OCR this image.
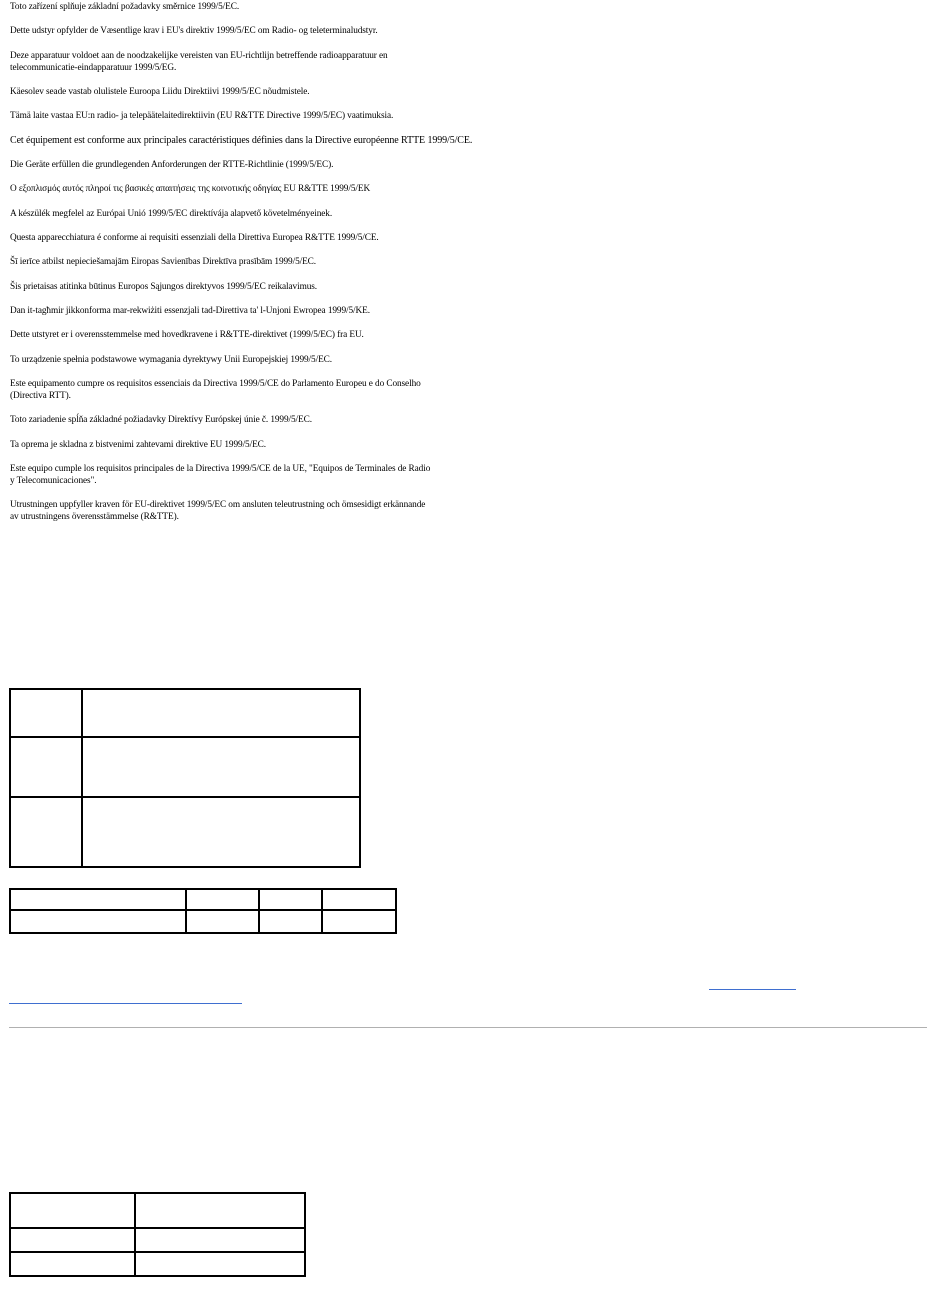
Toto zařízení splňuje základní požadavky směrnice 1999/5/EC.

Dette udstyr opfylder de Væsentlige krav i EU's direktiv 1999/5/EC om Radio- og teleterminaludstyr.

Deze apparatuur voldoet aan de noodzakelijke vereisten van EU-richtlijn betreffende radioapparatuur en
telecommunicatie-eindapparatuur 1999/5/EG.

Käesolev seade vastab olulistele Euroopa Liidu Direktiivi 1999/5/EC nõudmistele.

Tämä laite vastaa EU:n radio- ja telepäätelaitedirektiivin (EU R&TTE Directive 1999/5/EC) vaatimuksia.

Cet équipement est conforme aux principales caractéristiques définies dans la Directive européenne RTTE 1999/5/CE.

Die Geräte erfüllen die grundlegenden Anforderungen der RTTE-Richtlinie (1999/5/EC).

Ο εξοπλισμός αυτός πληροί τις βασικές απαιτήσεις της κοινοτικής οδηγίας EU R&TTE 1999/5/EK

A készülék megfelel az Európai Unió 1999/5/EC direktívája alapvető követelményeinek.

Questa apparecchiatura é conforme ai requisiti essenziali della Direttiva Europea R&TTE 1999/5/CE.

Šī ierīce atbilst nepieciešamajām Eiropas Savienības Direktīva prasībām 1999/5/EC.

Šis prietaisas atitinka būtinus Europos Sąjungos direktyvos 1999/5/EC reikalavimus.

Dan it-tagħmir jikkonforma mar-rekwiżiti essenzjali tad-Direttiva ta' l-Unjoni Ewropea 1999/5/KE.

Dette utstyret er i overensstemmelse med hovedkravene i R&TTE-direktivet (1999/5/EC) fra EU.

To urządzenie spełnia podstawowe wymagania dyrektywy Unii Europejskiej 1999/5/EC.

Este equipamento cumpre os requisitos essenciais da Directiva 1999/5/CE do Parlamento Europeu e do Conselho
(Directiva RTT).

Toto zariadenie spĺňa základné požiadavky Direktívy Európskej únie č. 1999/5/EC.

Ta oprema je skladna z bistvenimi zahtevami direktive EU 1999/5/EC.

Este equipo cumple los requisitos principales de la Directiva 1999/5/CE de la UE, "Equipos de Terminales de Radio
y Telecomunicaciones".

Utrustningen uppfyller kraven för EU-direktivet 1999/5/EC om ansluten teleutrustning och ömsesidigt erkännande
av utrustningens överensstämmelse (R&TTE).
